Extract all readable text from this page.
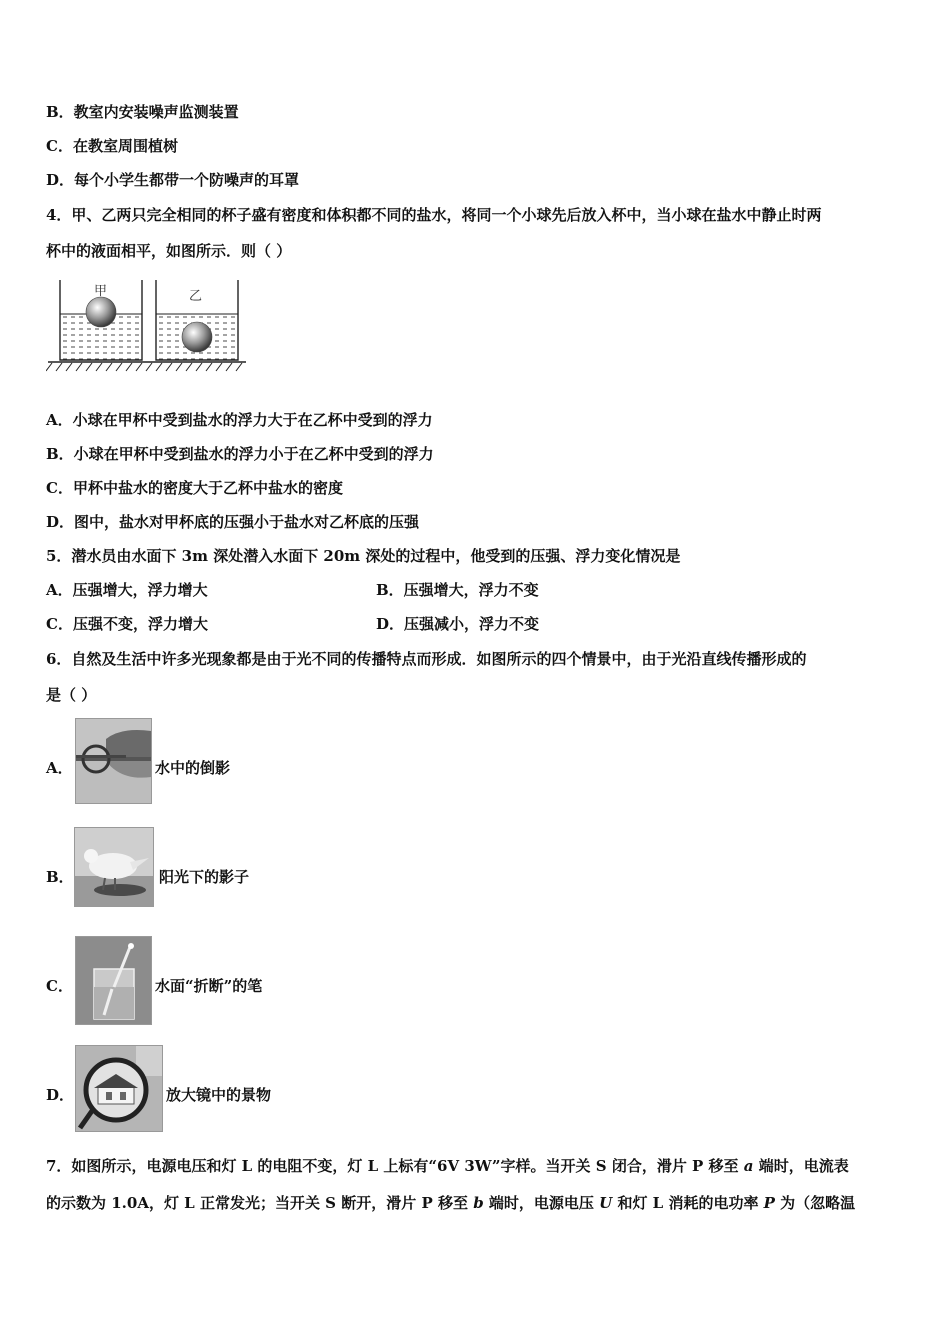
B．教室内安装噪声监测装置
C．在教室周围植树
D．每个小学生都带一个防噪声的耳罩
4．甲、乙两只完全相同的杯子盛有密度和体积都不同的盐水，将同一个小球先后放入杯中，当小球在盐水中静止时两
杯中的液面相平，如图所示．则（ ）
甲	乙
A．小球在甲杯中受到盐水的浮力大于在乙杯中受到的浮力
B．小球在甲杯中受到盐水的浮力小于在乙杯中受到的浮力
C．甲杯中盐水的密度大于乙杯中盐水的密度
D．图中，盐水对甲杯底的压强小于盐水对乙杯底的压强
5．潜水员由水面下 3m 深处潜入水面下 20m 深处的过程中，他受到的压强、浮力变化情况是
A．压强增大，浮力增大	B．压强增大，浮力不变
C．压强不变，浮力增大	D．压强减小，浮力不变
6．自然及生活中许多光现象都是由于光不同的传播特点而形成．如图所示的四个情景中，由于光沿直线传播形成的
是（ ）
A．	水中的倒影
B．	阳光下的影子
C．	水面“折断”的笔
D．	放大镜中的景物
7．如图所示，电源电压和灯 L 的电阻不变，灯 L 上标有“6V 3W”字样。当开关 S 闭合，滑片 P 移至 a 端时，电流表
的示数为 1.0A，灯 L 正常发光；当开关 S 断开，滑片 P 移至 b 端时，电源电压 U 和灯 L 消耗的电功率 P 为（忽略温
